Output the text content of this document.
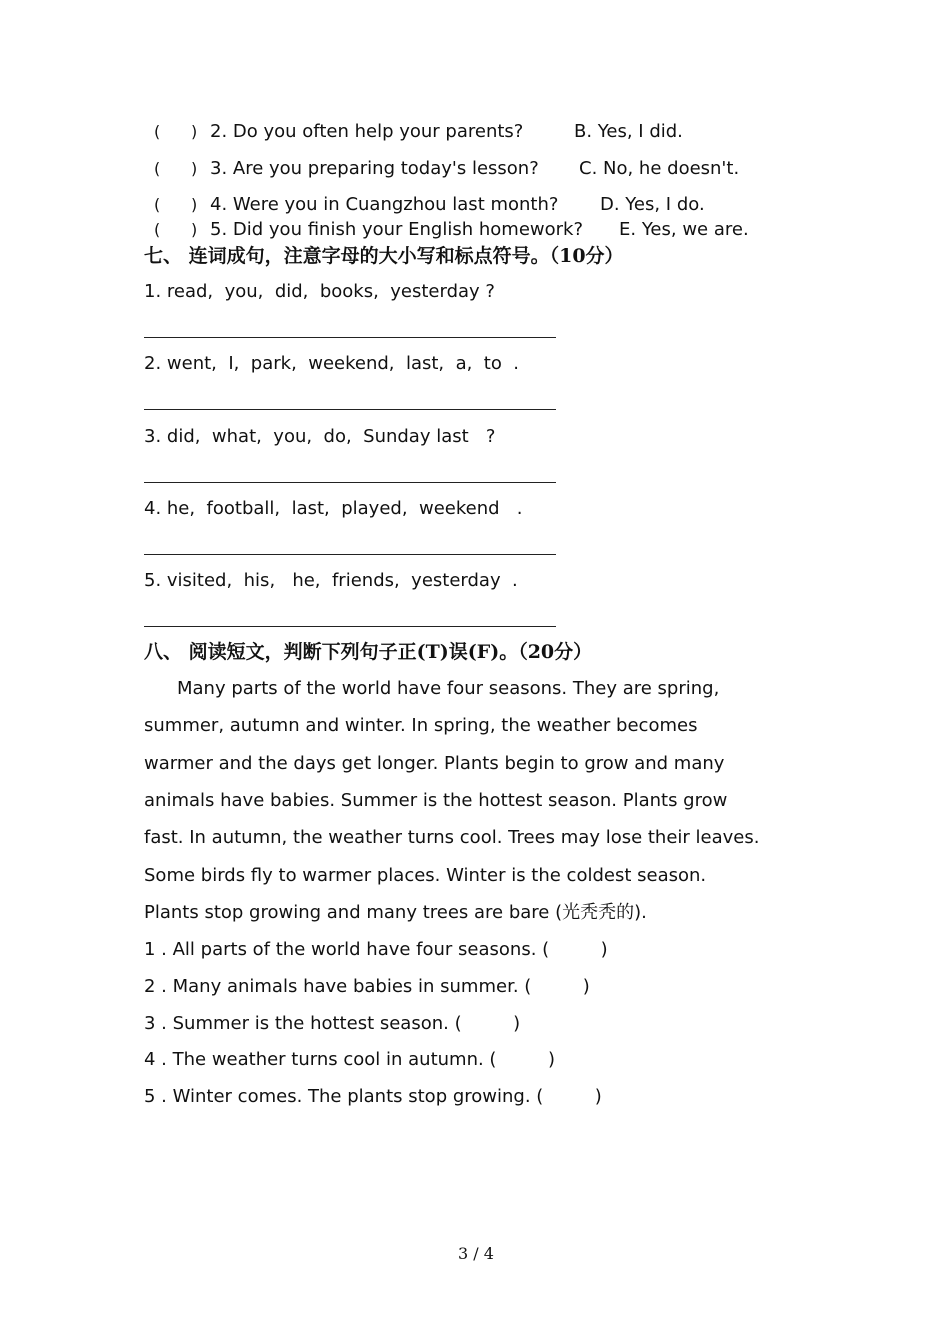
( ) 2. Do you often help your parents?	B. Yes, I did.
( ) 3. Are you preparing today's lesson? C. No, he doesn't.
( ) 4. Were you in Cuangzhou last month? D. Yes, I do.
( ) 5. Did you finish your English homework? E. Yes, we are.
七、 连词成句，注意字母的大小写和标点符号。（10分）
1. read,  you,  did,  books,  yesterday ?
2. went,  I,  park,  weekend,  last,  a,  to  .
3. did,  what,  you,  do,  Sunday last   ?
4. he,  football,  last,  played,  weekend   .
5. visited,  his,   he,  friends,  yesterday  .
八、 阅读短文，判断下列句子正(T)误(F)。（20分）
Many parts of the world have four seasons. They are spring,
summer, autumn and winter. In spring, the weather becomes
warmer and the days get longer. Plants begin to grow and many
animals have babies. Summer is the hottest season. Plants grow
fast. In autumn, the weather turns cool. Trees may lose their leaves.
Some birds fly to warmer places. Winter is the coldest season.
Plants stop growing and many trees are bare (光秃秃的).
1 . All parts of the world have four seasons. (         )
2 . Many animals have babies in summer. (         )
3 . Summer is the hottest season. (         )
4 . The weather turns cool in autumn. (         )
5 . Winter comes. The plants stop growing. (         )
3 / 4
